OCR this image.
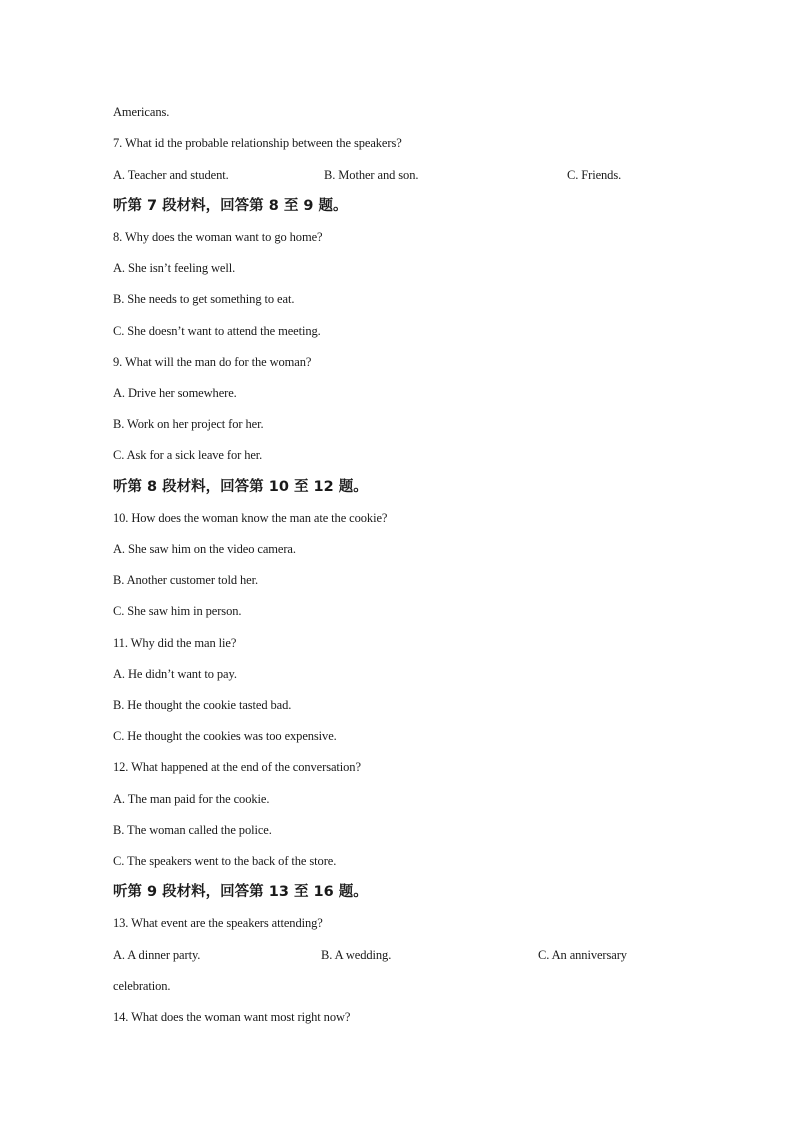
Americans.
7. What id the probable relationship between the speakers?
A. Teacher and student.	B. Mother and son.	C. Friends.
听第 7 段材料，回答第 8 至 9 题。
8. Why does the woman want to go home?
A. She isn’t feeling well.
B. She needs to get something to eat.
C. She doesn’t want to attend the meeting.
9. What will the man do for the woman?
A. Drive her somewhere.
B. Work on her project for her.
C. Ask for a sick leave for her.
听第 8 段材料，回答第 10 至 12 题。
10. How does the woman know the man ate the cookie?
A. She saw him on the video camera.
B. Another customer told her.
C. She saw him in person.
11. Why did the man lie?
A. He didn’t want to pay.
B. He thought the cookie tasted bad.
C. He thought the cookies was too expensive.
12. What happened at the end of the conversation?
A. The man paid for the cookie.
B. The woman called the police.
C. The speakers went to the back of the store.
听第 9 段材料，回答第 13 至 16 题。
13. What event are the speakers attending?
A. A dinner party.	B. A wedding.	C. An anniversary
celebration.
14. What does the woman want most right now?
